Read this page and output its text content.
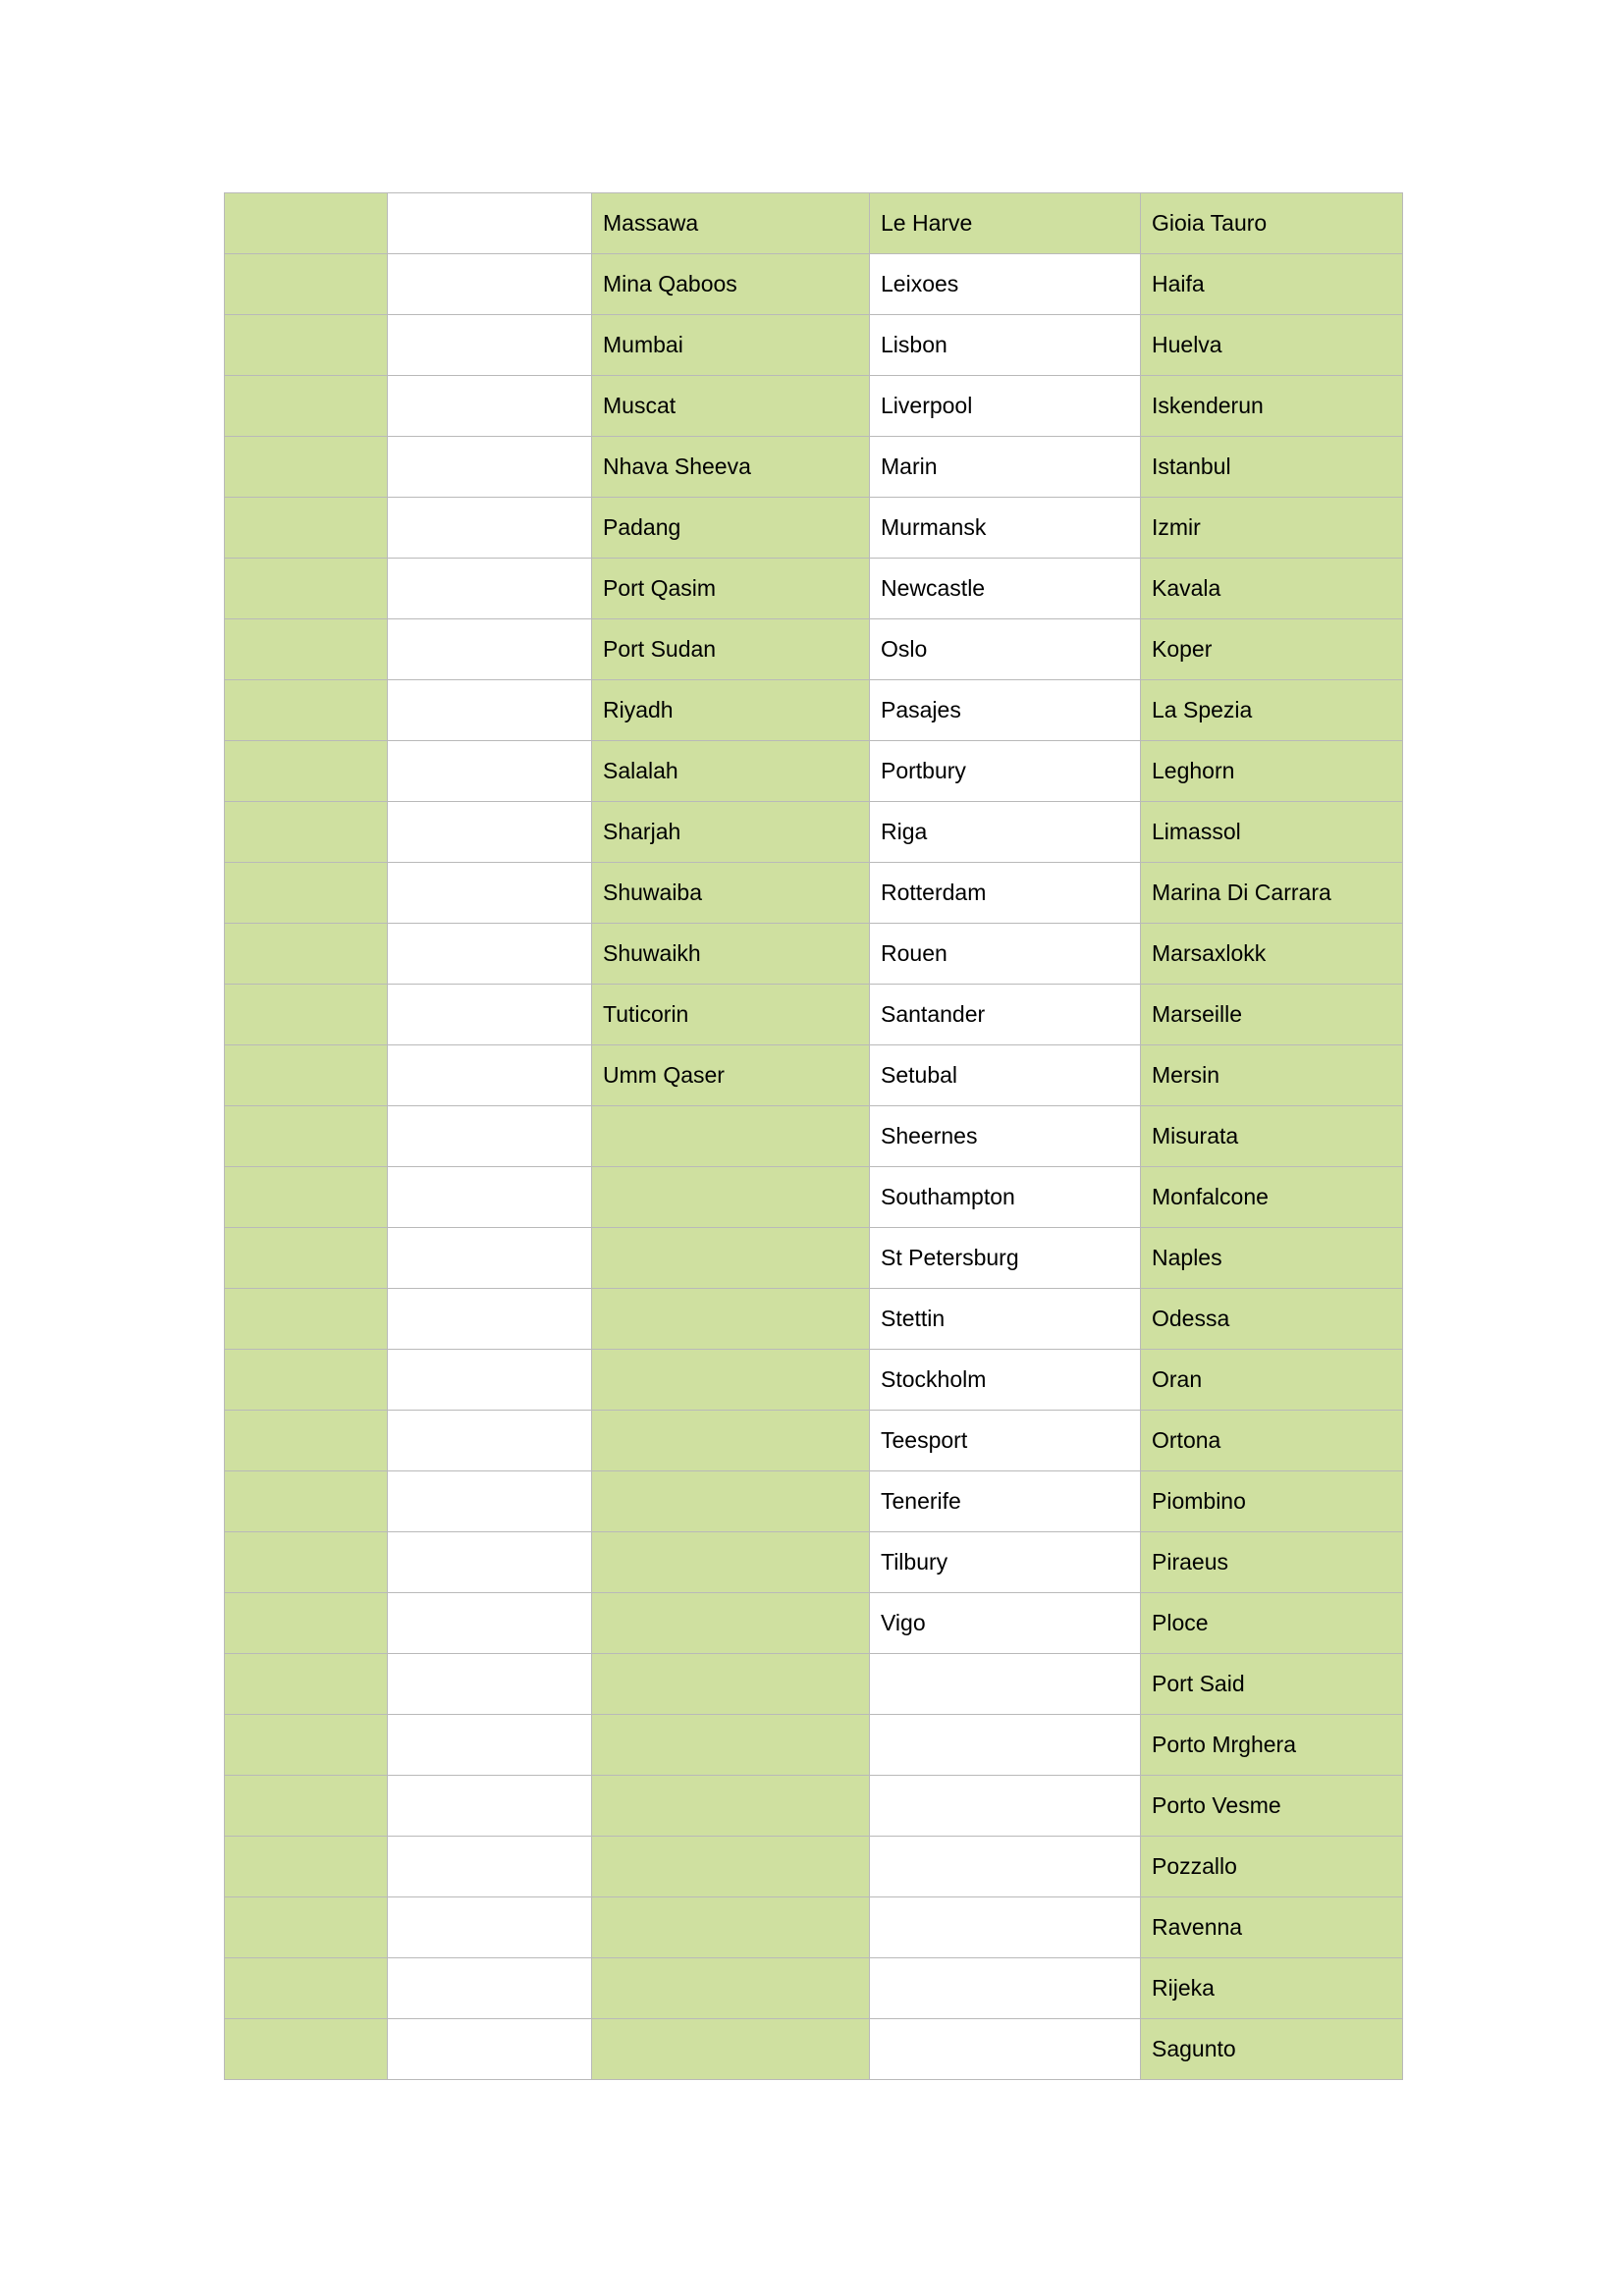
		Massawa	Le Harve	Gioia Tauro
		Mina Qaboos	Leixoes	Haifa
		Mumbai	Lisbon	Huelva
		Muscat	Liverpool	Iskenderun
		Nhava Sheeva	Marin	Istanbul
		Padang	Murmansk	Izmir
		Port Qasim	Newcastle	Kavala
		Port Sudan	Oslo	Koper
		Riyadh	Pasajes	La Spezia
		Salalah	Portbury	Leghorn
		Sharjah	Riga	Limassol
		Shuwaiba	Rotterdam	Marina Di Carrara
		Shuwaikh	Rouen	Marsaxlokk
		Tuticorin	Santander	Marseille
		Umm Qaser	Setubal	Mersin
			Sheernes	Misurata
			Southampton	Monfalcone
			St Petersburg	Naples
			Stettin	Odessa
			Stockholm	Oran
			Teesport	Ortona
			Tenerife	Piombino
			Tilbury	Piraeus
			Vigo	Ploce
				Port Said
				Porto Mrghera
				Porto Vesme
				Pozzallo
				Ravenna
				Rijeka
				Sagunto
